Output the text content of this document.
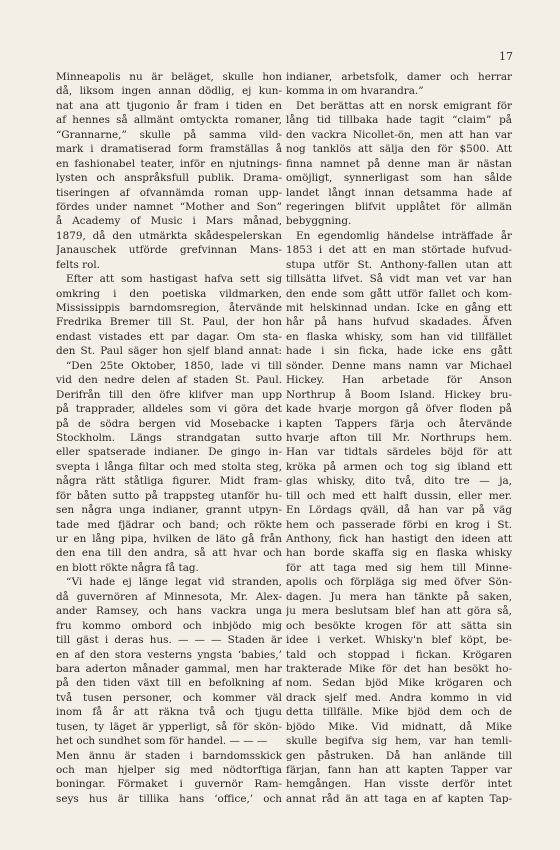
17
Minneapolis nu är beläget, skulle hon
då, liksom ingen annan dödlig, ej kun-
nat ana att tjugonio år fram i tiden en
af hennes så allmänt omtyckta romaner,
“Grannarne,” skulle på samma vild-
mark i dramatiserad form framställas å
en fashionabel teater, inför en njutnings-
lysten och anspråksfull publik. Drama-
tiseringen af ofvannämda roman upp-
fördes under namnet “Mother and Son”
å Academy of Music i Mars månad,
1879, då den utmärkta skådespelerskan
Janauschek utförde grefvinnan Mans-
felts rol.
Efter att som hastigast hafva sett sig
omkring i den poetiska vildmarken,
Mississippis barndomsregion, återvände
Fredrika Bremer till St. Paul, der hon
endast vistades ett par dagar. Om sta-
den St. Paul säger hon sjelf bland annat:
“Den 25te Oktober, 1850, lade vi till
vid den nedre delen af staden St. Paul.
Derifrån till den öfre klifver man upp
på trapprader, alldeles som vi göra det
på de södra bergen vid Mosebacke i
Stockholm. Längs strandgatan sutto
eller spatserade indianer. De gingo in-
svepta i långa filtar och med stolta steg,
några rätt ståtliga figurer. Midt fram-
för båten sutto på trappsteg utanför hu-
sen några unga indianer, grannt utpyn-
tade med fjädrar och band; och rökte
ur en lång pipa, hvilken de läto gå från
den ena till den andra, så att hvar och
en blott rökte några få tag.
“Vi hade ej länge legat vid stranden,
då guvernören af Minnesota, Mr. Alex-
ander Ramsey, och hans vackra unga
fru kommo ombord och inbjödo mig
till gäst i deras hus. — — — Staden är
en af den stora vesterns yngsta ‘babies,’
bara aderton månader gammal, men har
på den tiden växt till en befolkning af
två tusen personer, och kommer väl
inom få år att räkna två och tjugu
tusen, ty läget är ypperligt, så för skön-
het och sundhet som för handel. — — —
Men ännu är staden i barndomsskick
och man hjelper sig med nödtorftiga
boningar. Förmaket i guvernör Ram-
seys hus är tillika hans ‘office,’ och
indianer, arbetsfolk, damer och herrar
komma in om hvarandra.”
Det berättas att en norsk emigrant för
lång tid tillbaka hade tagit “claim” på
den vackra Nicollet-ön, men att han var
nog tanklös att sälja den för $500. Att
finna namnet på denne man är nästan
omöjligt, synnerligast som han sålde
landet långt innan detsamma hade af
regeringen blifvit upplåtet för allmän
bebyggning.
En egendomlig händelse inträffade år
1853 i det att en man störtade hufvud-
stupa utför St. Anthony-fallen utan att
tillsätta lifvet. Så vidt man vet var han
den ende som gått utför fallet och kom-
mit helskinnad undan. Icke en gång ett
hår på hans hufvud skadades. Äfven
en flaska whisky, som han vid tillfället
hade i sin ficka, hade icke ens gått
sönder. Denne mans namn var Michael
Hickey. Han arbetade för Anson
Northrup å Boom Island. Hickey bru-
kade hvarje morgon gå öfver floden på
kapten Tappers färja och återvände
hvarje afton till Mr. Northrups hem.
Han var tidtals särdeles böjd för att
kröka på armen och tog sig ibland ett
glas whisky, dito två, dito tre — ja,
till och med ett halft dussin, eller mer.
En Lördags qväll, då han var på väg
hem och passerade förbi en krog i St.
Anthony, fick han hastigt den ideen att
han borde skaffa sig en flaska whisky
för att taga med sig hem till Minne-
apolis och förpläga sig med öfver Sön-
dagen. Ju mera han tänkte på saken,
ju mera beslutsam blef han att göra så,
och besökte krogen för att sätta sin
idee i verket. Whisky'n blef köpt, be-
tald och stoppad i fickan. Krögaren
trakterade Mike för det han besökt ho-
nom. Sedan bjöd Mike krögaren och
drack sjelf med. Andra kommo in vid
detta tillfälle. Mike bjöd dem och de
bjödo Mike. Vid midnatt, då Mike
skulle begifva sig hem, var han temli-
gen påstruken. Då han anlände till
färjan, fann han att kapten Tapper var
hemgången. Han visste derför intet
annat råd än att taga en af kapten Tap-
